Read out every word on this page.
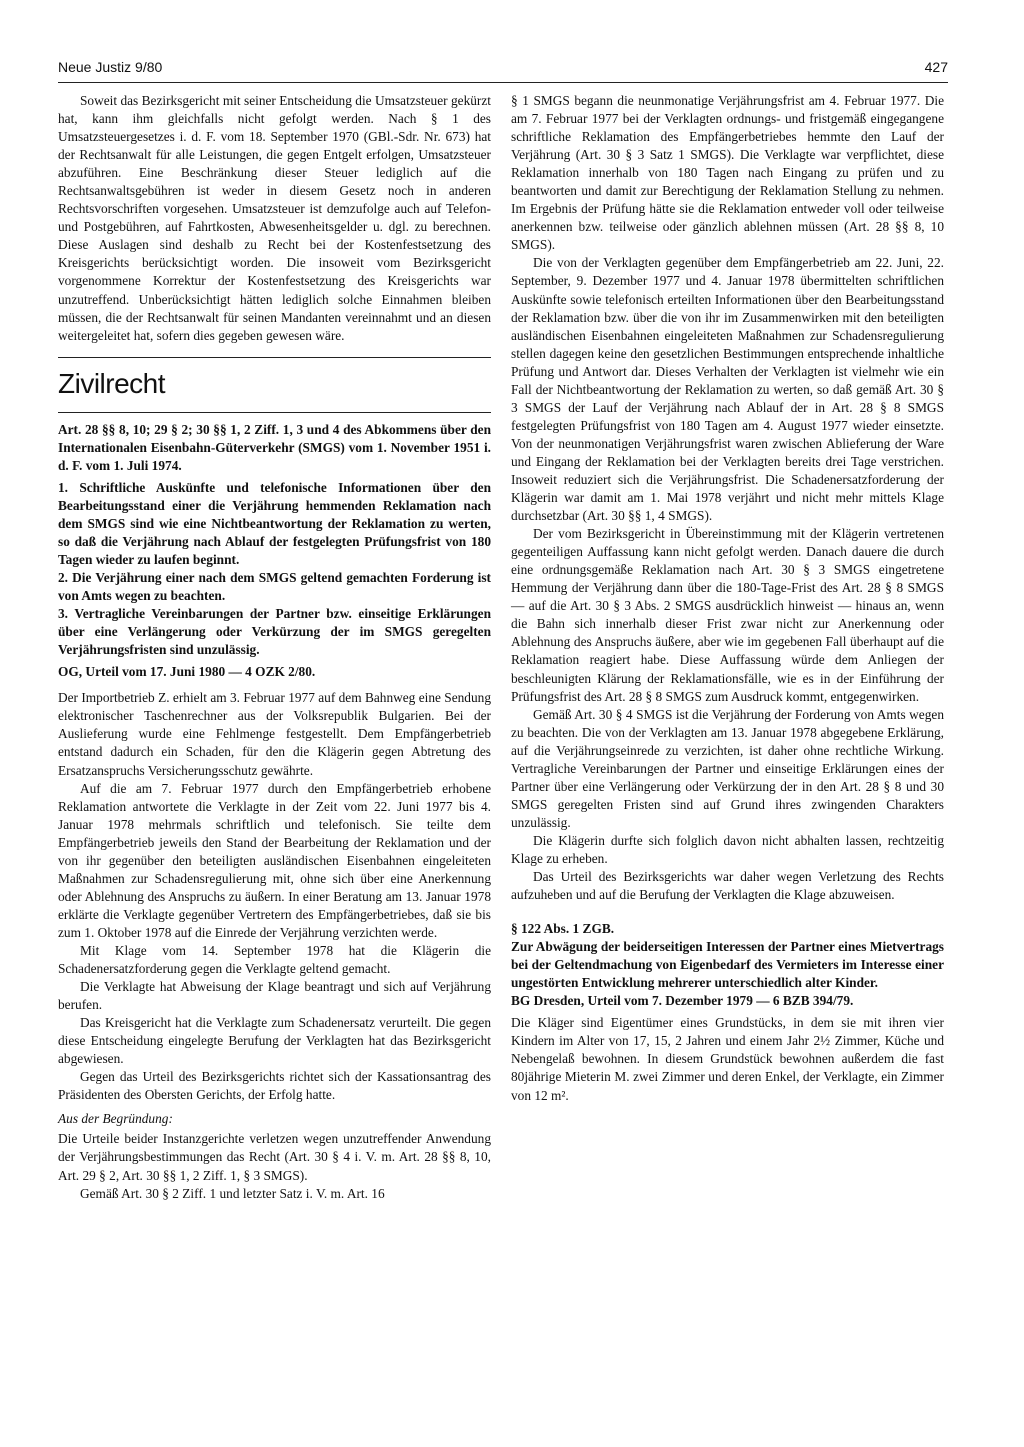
Neue Justiz 9/80	427

Soweit das Bezirksgericht mit seiner Entscheidung die Umsatzsteuer gekürzt hat, kann ihm gleichfalls nicht gefolgt werden. Nach § 1 des Umsatzsteuergesetzes i. d. F. vom 18. September 1970 (GBl.-Sdr. Nr. 673) hat der Rechtsanwalt für alle Leistungen, die gegen Entgelt erfolgen, Umsatzsteuer abzuführen. Eine Beschränkung dieser Steuer lediglich auf die Rechtsanwaltsgebühren ist weder in diesem Gesetz noch in anderen Rechtsvorschriften vorgesehen. Umsatzsteuer ist demzufolge auch auf Telefon- und Postgebühren, auf Fahrtkosten, Abwesenheitsgelder u. dgl. zu berechnen. Diese Auslagen sind deshalb zu Recht bei der Kostenfestsetzung des Kreisgerichts berücksichtigt worden. Die insoweit vom Bezirksgericht vorgenommene Korrektur der Kostenfestsetzung des Kreisgerichts war unzutreffend. Unberücksichtigt hätten lediglich solche Einnahmen bleiben müssen, die der Rechtsanwalt für seinen Mandanten vereinnahmt und an diesen weitergeleitet hat, sofern dies gegeben gewesen wäre.

Zivilrecht

Art. 28 §§ 8, 10; 29 § 2; 30 §§ 1, 2 Ziff. 1, 3 und 4 des Abkommens über den Internationalen Eisenbahn-Güterverkehr (SMGS) vom 1. November 1951 i. d. F. vom 1. Juli 1974.

1. Schriftliche Auskünfte und telefonische Informationen über den Bearbeitungsstand einer die Verjährung hemmenden Reklamation nach dem SMGS sind wie eine Nichtbeantwortung der Reklamation zu werten, so daß die Verjährung nach Ablauf der festgelegten Prüfungsfrist von 180 Tagen wieder zu laufen beginnt.

2. Die Verjährung einer nach dem SMGS geltend gemachten Forderung ist von Amts wegen zu beachten.

3. Vertragliche Vereinbarungen der Partner bzw. einseitige Erklärungen über eine Verlängerung oder Verkürzung der im SMGS geregelten Verjährungsfristen sind unzulässig.

OG, Urteil vom 17. Juni 1980 — 4 OZK 2/80.

Der Importbetrieb Z. erhielt am 3. Februar 1977 auf dem Bahnweg eine Sendung elektronischer Taschenrechner aus der Volksrepublik Bulgarien. Bei der Auslieferung wurde eine Fehlmenge festgestellt. Dem Empfängerbetrieb entstand dadurch ein Schaden, für den die Klägerin gegen Abtretung des Ersatzanspruchs Versicherungsschutz gewährte.

Auf die am 7. Februar 1977 durch den Empfängerbetrieb erhobene Reklamation antwortete die Verklagte in der Zeit vom 22. Juni 1977 bis 4. Januar 1978 mehrmals schriftlich und telefonisch. Sie teilte dem Empfängerbetrieb jeweils den Stand der Bearbeitung der Reklamation und der von ihr gegenüber den beteiligten ausländischen Eisenbahnen eingeleiteten Maßnahmen zur Schadensregulierung mit, ohne sich über eine Anerkennung oder Ablehnung des Anspruchs zu äußern. In einer Beratung am 13. Januar 1978 erklärte die Verklagte gegenüber Vertretern des Empfängerbetriebes, daß sie bis zum 1. Oktober 1978 auf die Einrede der Verjährung verzichten werde.

Mit Klage vom 14. September 1978 hat die Klägerin die Schadenersatzforderung gegen die Verklagte geltend gemacht.

Die Verklagte hat Abweisung der Klage beantragt und sich auf Verjährung berufen.

Das Kreisgericht hat die Verklagte zum Schadenersatz verurteilt. Die gegen diese Entscheidung eingelegte Berufung der Verklagten hat das Bezirksgericht abgewiesen.

Gegen das Urteil des Bezirksgerichts richtet sich der Kassationsantrag des Präsidenten des Obersten Gerichts, der Erfolg hatte.

Aus der Begründung:

Die Urteile beider Instanzgerichte verletzen wegen unzutreffender Anwendung der Verjährungsbestimmungen das Recht (Art. 30 § 4 i. V. m. Art. 28 §§ 8, 10, Art. 29 § 2, Art. 30 §§ 1, 2 Ziff. 1, § 3 SMGS).

Gemäß Art. 30 § 2 Ziff. 1 und letzter Satz i. V. m. Art. 16

§ 1 SMGS begann die neunmonatige Verjährungsfrist am 4. Februar 1977. Die am 7. Februar 1977 bei der Verklagten ordnungs- und fristgemäß eingegangene schriftliche Reklamation des Empfängerbetriebes hemmte den Lauf der Verjährung (Art. 30 § 3 Satz 1 SMGS). Die Verklagte war verpflichtet, diese Reklamation innerhalb von 180 Tagen nach Eingang zu prüfen und zu beantworten und damit zur Berechtigung der Reklamation Stellung zu nehmen. Im Ergebnis der Prüfung hätte sie die Reklamation entweder voll oder teilweise anerkennen bzw. teilweise oder gänzlich ablehnen müssen (Art. 28 §§ 8, 10 SMGS).

Die von der Verklagten gegenüber dem Empfängerbetrieb am 22. Juni, 22. September, 9. Dezember 1977 und 4. Januar 1978 übermittelten schriftlichen Auskünfte sowie telefonisch erteilten Informationen über den Bearbeitungsstand der Reklamation bzw. über die von ihr im Zusammenwirken mit den beteiligten ausländischen Eisenbahnen eingeleiteten Maßnahmen zur Schadensregulierung stellen dagegen keine den gesetzlichen Bestimmungen entsprechende inhaltliche Prüfung und Antwort dar. Dieses Verhalten der Verklagten ist vielmehr wie ein Fall der Nichtbeantwortung der Reklamation zu werten, so daß gemäß Art. 30 § 3 SMGS der Lauf der Verjährung nach Ablauf der in Art. 28 § 8 SMGS festgelegten Prüfungsfrist von 180 Tagen am 4. August 1977 wieder einsetzte. Von der neunmonatigen Verjährungsfrist waren zwischen Ablieferung der Ware und Eingang der Reklamation bei der Verklagten bereits drei Tage verstrichen. Insoweit reduziert sich die Verjährungsfrist. Die Schadenersatzforderung der Klägerin war damit am 1. Mai 1978 verjährt und nicht mehr mittels Klage durchsetzbar (Art. 30 §§ 1, 4 SMGS).

Der vom Bezirksgericht in Übereinstimmung mit der Klägerin vertretenen gegenteiligen Auffassung kann nicht gefolgt werden. Danach dauere die durch eine ordnungsgemäße Reklamation nach Art. 30 § 3 SMGS eingetretene Hemmung der Verjährung dann über die 180-Tage-Frist des Art. 28 § 8 SMGS — auf die Art. 30 § 3 Abs. 2 SMGS ausdrücklich hinweist — hinaus an, wenn die Bahn sich innerhalb dieser Frist zwar nicht zur Anerkennung oder Ablehnung des Anspruchs äußere, aber wie im gegebenen Fall überhaupt auf die Reklamation reagiert habe. Diese Auffassung würde dem Anliegen der beschleunigten Klärung der Reklamationsfälle, wie es in der Einführung der Prüfungsfrist des Art. 28 § 8 SMGS zum Ausdruck kommt, entgegenwirken.

Gemäß Art. 30 § 4 SMGS ist die Verjährung der Forderung von Amts wegen zu beachten. Die von der Verklagten am 13. Januar 1978 abgegebene Erklärung, auf die Verjährungseinrede zu verzichten, ist daher ohne rechtliche Wirkung. Vertragliche Vereinbarungen der Partner und einseitige Erklärungen eines der Partner über eine Verlängerung oder Verkürzung der in den Art. 28 § 8 und 30 SMGS geregelten Fristen sind auf Grund ihres zwingenden Charakters unzulässig.

Die Klägerin durfte sich folglich davon nicht abhalten lassen, rechtzeitig Klage zu erheben.

Das Urteil des Bezirksgerichts war daher wegen Verletzung des Rechts aufzuheben und auf die Berufung der Verklagten die Klage abzuweisen.

§ 122 Abs. 1 ZGB.

Zur Abwägung der beiderseitigen Interessen der Partner eines Mietvertrags bei der Geltendmachung von Eigenbedarf des Vermieters im Interesse einer ungestörten Entwicklung mehrerer unterschiedlich alter Kinder.

BG Dresden, Urteil vom 7. Dezember 1979 — 6 BZB 394/79.

Die Kläger sind Eigentümer eines Grundstücks, in dem sie mit ihren vier Kindern im Alter von 17, 15, 2 Jahren und einem Jahr 2½ Zimmer, Küche und Nebengelaß bewohnen. In diesem Grundstück bewohnen außerdem die fast 80jährige Mieterin M. zwei Zimmer und deren Enkel, der Verklagte, ein Zimmer von 12 m².
